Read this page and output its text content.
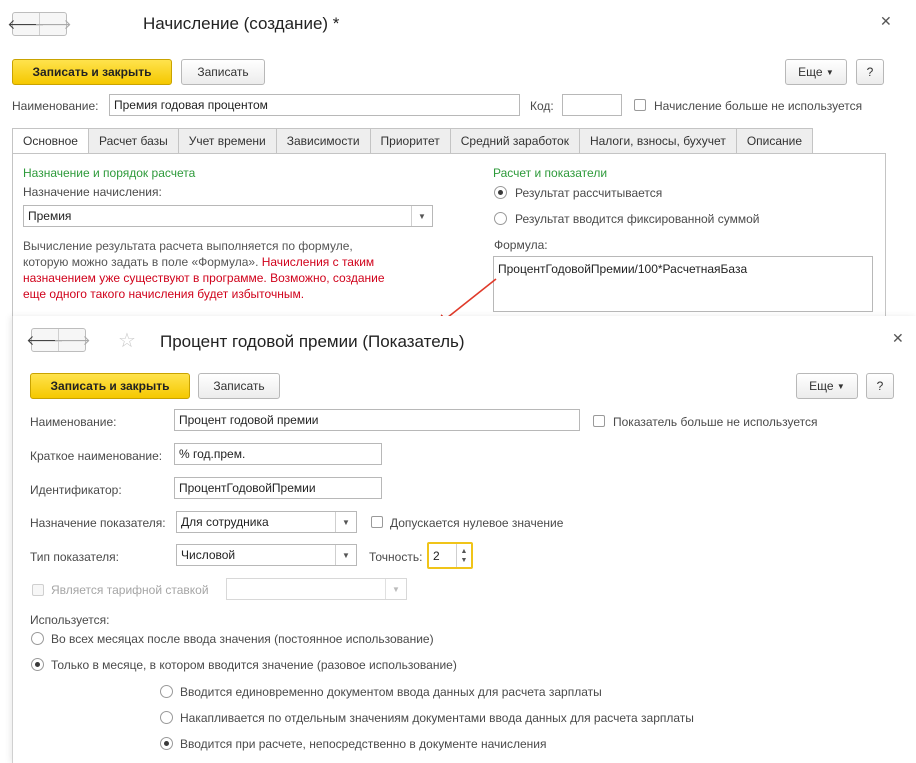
🡐
🡒	Начисление (создание) *	✕
Записать и закрыть	Записать	Еще
▼	?
Наименование:	Премия годовая процентом	Код:	Начисление больше не используется
Основное	Расчет базы	Учет времени	Зависимости	Приоритет	Средний заработок	Налоги, взносы, бухучет	Описание
Назначение и порядок расчета
Назначение начисления:
Премия	▼
Вычисление результата расчета выполняется по формуле,
которую можно задать в поле «Формула». Начисления с таким
назначением уже существуют в программе. Возможно, создание
еще одного такого начисления будет избыточным.
Расчет и показатели
Результат рассчитывается
Результат вводится фиксированной суммой
Формула:
ПроцентГодовойПремии/100*РасчетнаяБаза
🡐
🡒 ☆ Процент годовой премии (Показатель)	✕
Записать и закрыть	Записать	Еще
▼	?
Наименование:	Процент годовой премии	Показатель больше не используется
Краткое наименование:	% год.прем.
Идентификатор:	ПроцентГодовойПремии
Назначение показателя:	Для сотрудника	▼	Допускается нулевое значение
Тип показателя:	Числовой	▼	Точность: 2	▲
▼
Является тарифной ставкой	▼
Используется:
Во всех месяцах после ввода значения (постоянное использование)
Только в месяце, в котором вводится значение (разовое использование)
Вводится единовременно документом ввода данных для расчета зарплаты
Накапливается по отдельным значениям документами ввода данных для расчета зарплаты
Вводится при расчете, непосредственно в документе начисления
